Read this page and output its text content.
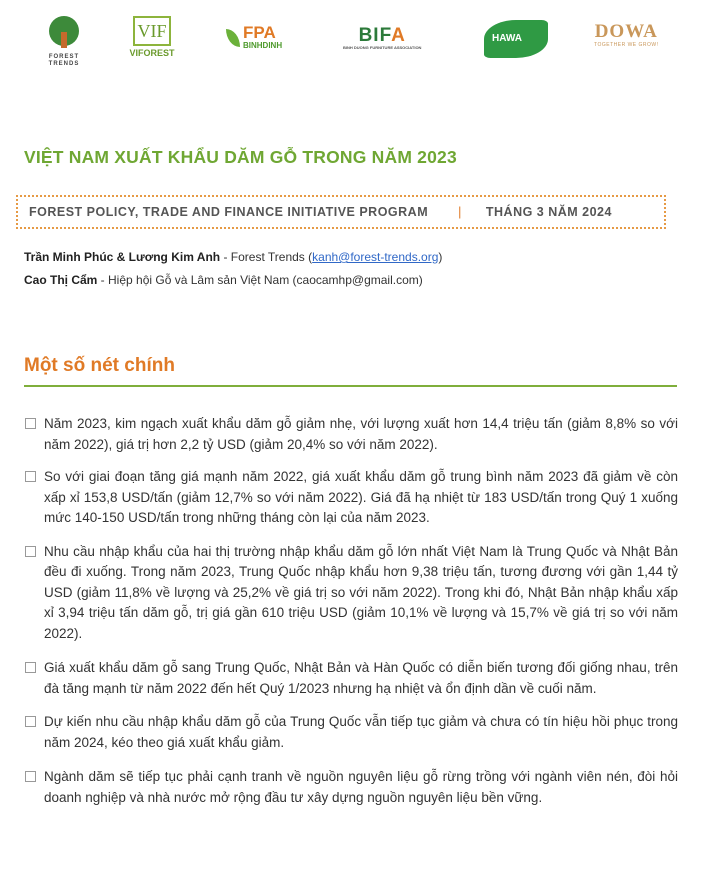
FOREST TRENDS
VIF
VIFOREST
FPA
BINHDINH	BIFA
BINH DUONG FURNITURE ASSOCIATION
HAWA	DOWA
TOGETHER WE GROW!
VIỆT NAM XUẤT KHẨU DĂM GỖ TRONG NĂM 2023
FOREST POLICY, TRADE AND FINANCE INITIATIVE PROGRAM | THÁNG 3 NĂM 2024
Trần Minh Phúc & Lương Kim Anh - Forest Trends (kanh@forest-trends.org)
Cao Thị Cẩm - Hiệp hội Gỗ và Lâm sản Việt Nam (caocamhp@gmail.com)
Một số nét chính
Năm 2023, kim ngạch xuất khẩu dăm gỗ giảm nhẹ, với lượng xuất hơn 14,4 triệu tấn (giảm 8,8% so với năm 2022), giá trị hơn 2,2 tỷ USD (giảm 20,4% so với năm 2022).
So với giai đoạn tăng giá mạnh năm 2022, giá xuất khẩu dăm gỗ trung bình năm 2023 đã giảm về còn xấp xỉ 153,8 USD/tấn (giảm 12,7% so với năm 2022). Giá đã hạ nhiệt từ 183 USD/tấn trong Quý 1 xuống mức 140-150 USD/tấn trong những tháng còn lại của năm 2023.
Nhu cầu nhập khẩu của hai thị trường nhập khẩu dăm gỗ lớn nhất Việt Nam là Trung Quốc và Nhật Bản đều đi xuống. Trong năm 2023, Trung Quốc nhập khẩu hơn 9,38 triệu tấn, tương đương với gần 1,44 tỷ USD (giảm 11,8% về lượng và 25,2% về giá trị so với năm 2022). Trong khi đó, Nhật Bản nhập khẩu xấp xỉ 3,94 triệu tấn dăm gỗ, trị giá gần 610 triệu USD (giảm 10,1% về lượng và 15,7% về giá trị so với năm 2022).
Giá xuất khẩu dăm gỗ sang Trung Quốc, Nhật Bản và Hàn Quốc có diễn biến tương đối giống nhau, trên đà tăng mạnh từ năm 2022 đến hết Quý 1/2023 nhưng hạ nhiệt và ổn định dần về cuối năm.
Dự kiến nhu cầu nhập khẩu dăm gỗ của Trung Quốc vẫn tiếp tục giảm và chưa có tín hiệu hồi phục trong năm 2024, kéo theo giá xuất khẩu giảm.
Ngành dăm sẽ tiếp tục phải cạnh tranh về nguồn nguyên liệu gỗ rừng trồng với ngành viên nén, đòi hỏi doanh nghiệp và nhà nước mở rộng đầu tư xây dựng nguồn nguyên liệu bền vững.
